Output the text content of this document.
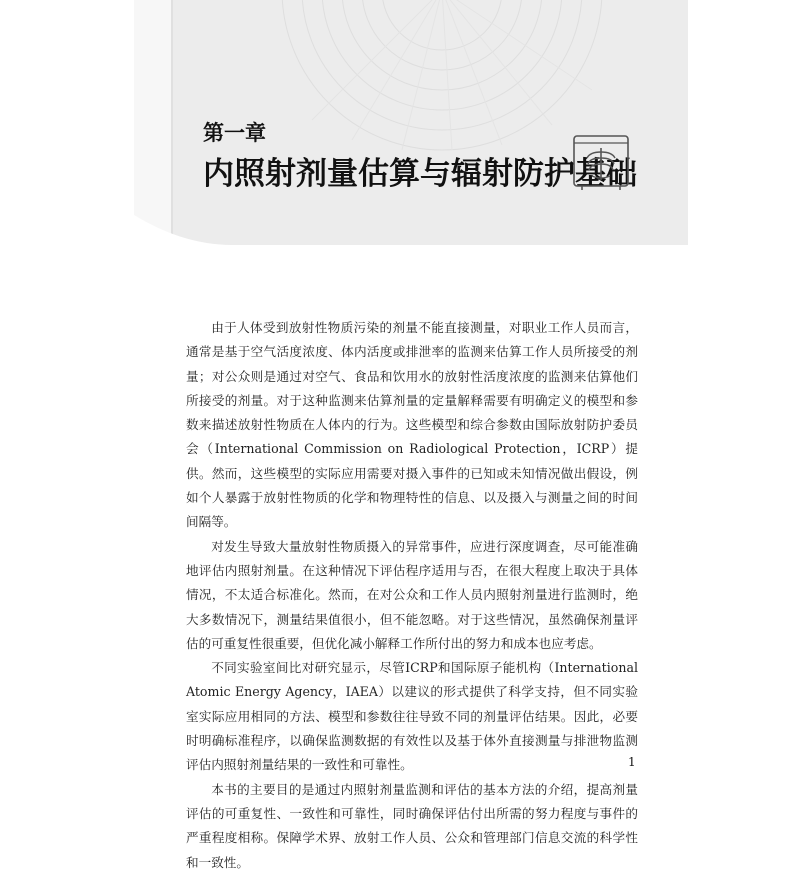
第一章
内照射剂量估算与辐射防护基础

由于人体受到放射性物质污染的剂量不能直接测量，对职业工作人员而言，通常是基于空气活度浓度、体内活度或排泄率的监测来估算工作人员所接受的剂量；对公众则是通过对空气、食品和饮用水的放射性活度浓度的监测来估算他们所接受的剂量。对于这种监测来估算剂量的定量解释需要有明确定义的模型和参数来描述放射性物质在人体内的行为。这些模型和综合参数由国际放射防护委员会（International Commission on Radiological Protection，ICRP）提供。然而，这些模型的实际应用需要对摄入事件的已知或未知情况做出假设，例如个人暴露于放射性物质的化学和物理特性的信息、以及摄入与测量之间的时间间隔等。

对发生导致大量放射性物质摄入的异常事件，应进行深度调查，尽可能准确地评估内照射剂量。在这种情况下评估程序适用与否，在很大程度上取决于具体情况，不太适合标准化。然而，在对公众和工作人员内照射剂量进行监测时，绝大多数情况下，测量结果值很小，但不能忽略。对于这些情况，虽然确保剂量评估的可重复性很重要，但优化减小解释工作所付出的努力和成本也应考虑。

不同实验室间比对研究显示，尽管ICRP和国际原子能机构（International Atomic Energy Agency，IAEA）以建议的形式提供了科学支持，但不同实验室实际应用相同的方法、模型和参数往往导致不同的剂量评估结果。因此，必要时明确标准程序，以确保监测数据的有效性以及基于体外直接测量与排泄物监测评估内照射剂量结果的一致性和可靠性。

本书的主要目的是通过内照射剂量监测和评估的基本方法的介绍，提高剂量评估的可重复性、一致性和可靠性，同时确保评估付出所需的努力程度与事件的严重程度相称。保障学术界、放射工作人员、公众和管理部门信息交流的科学性和一致性。

1
